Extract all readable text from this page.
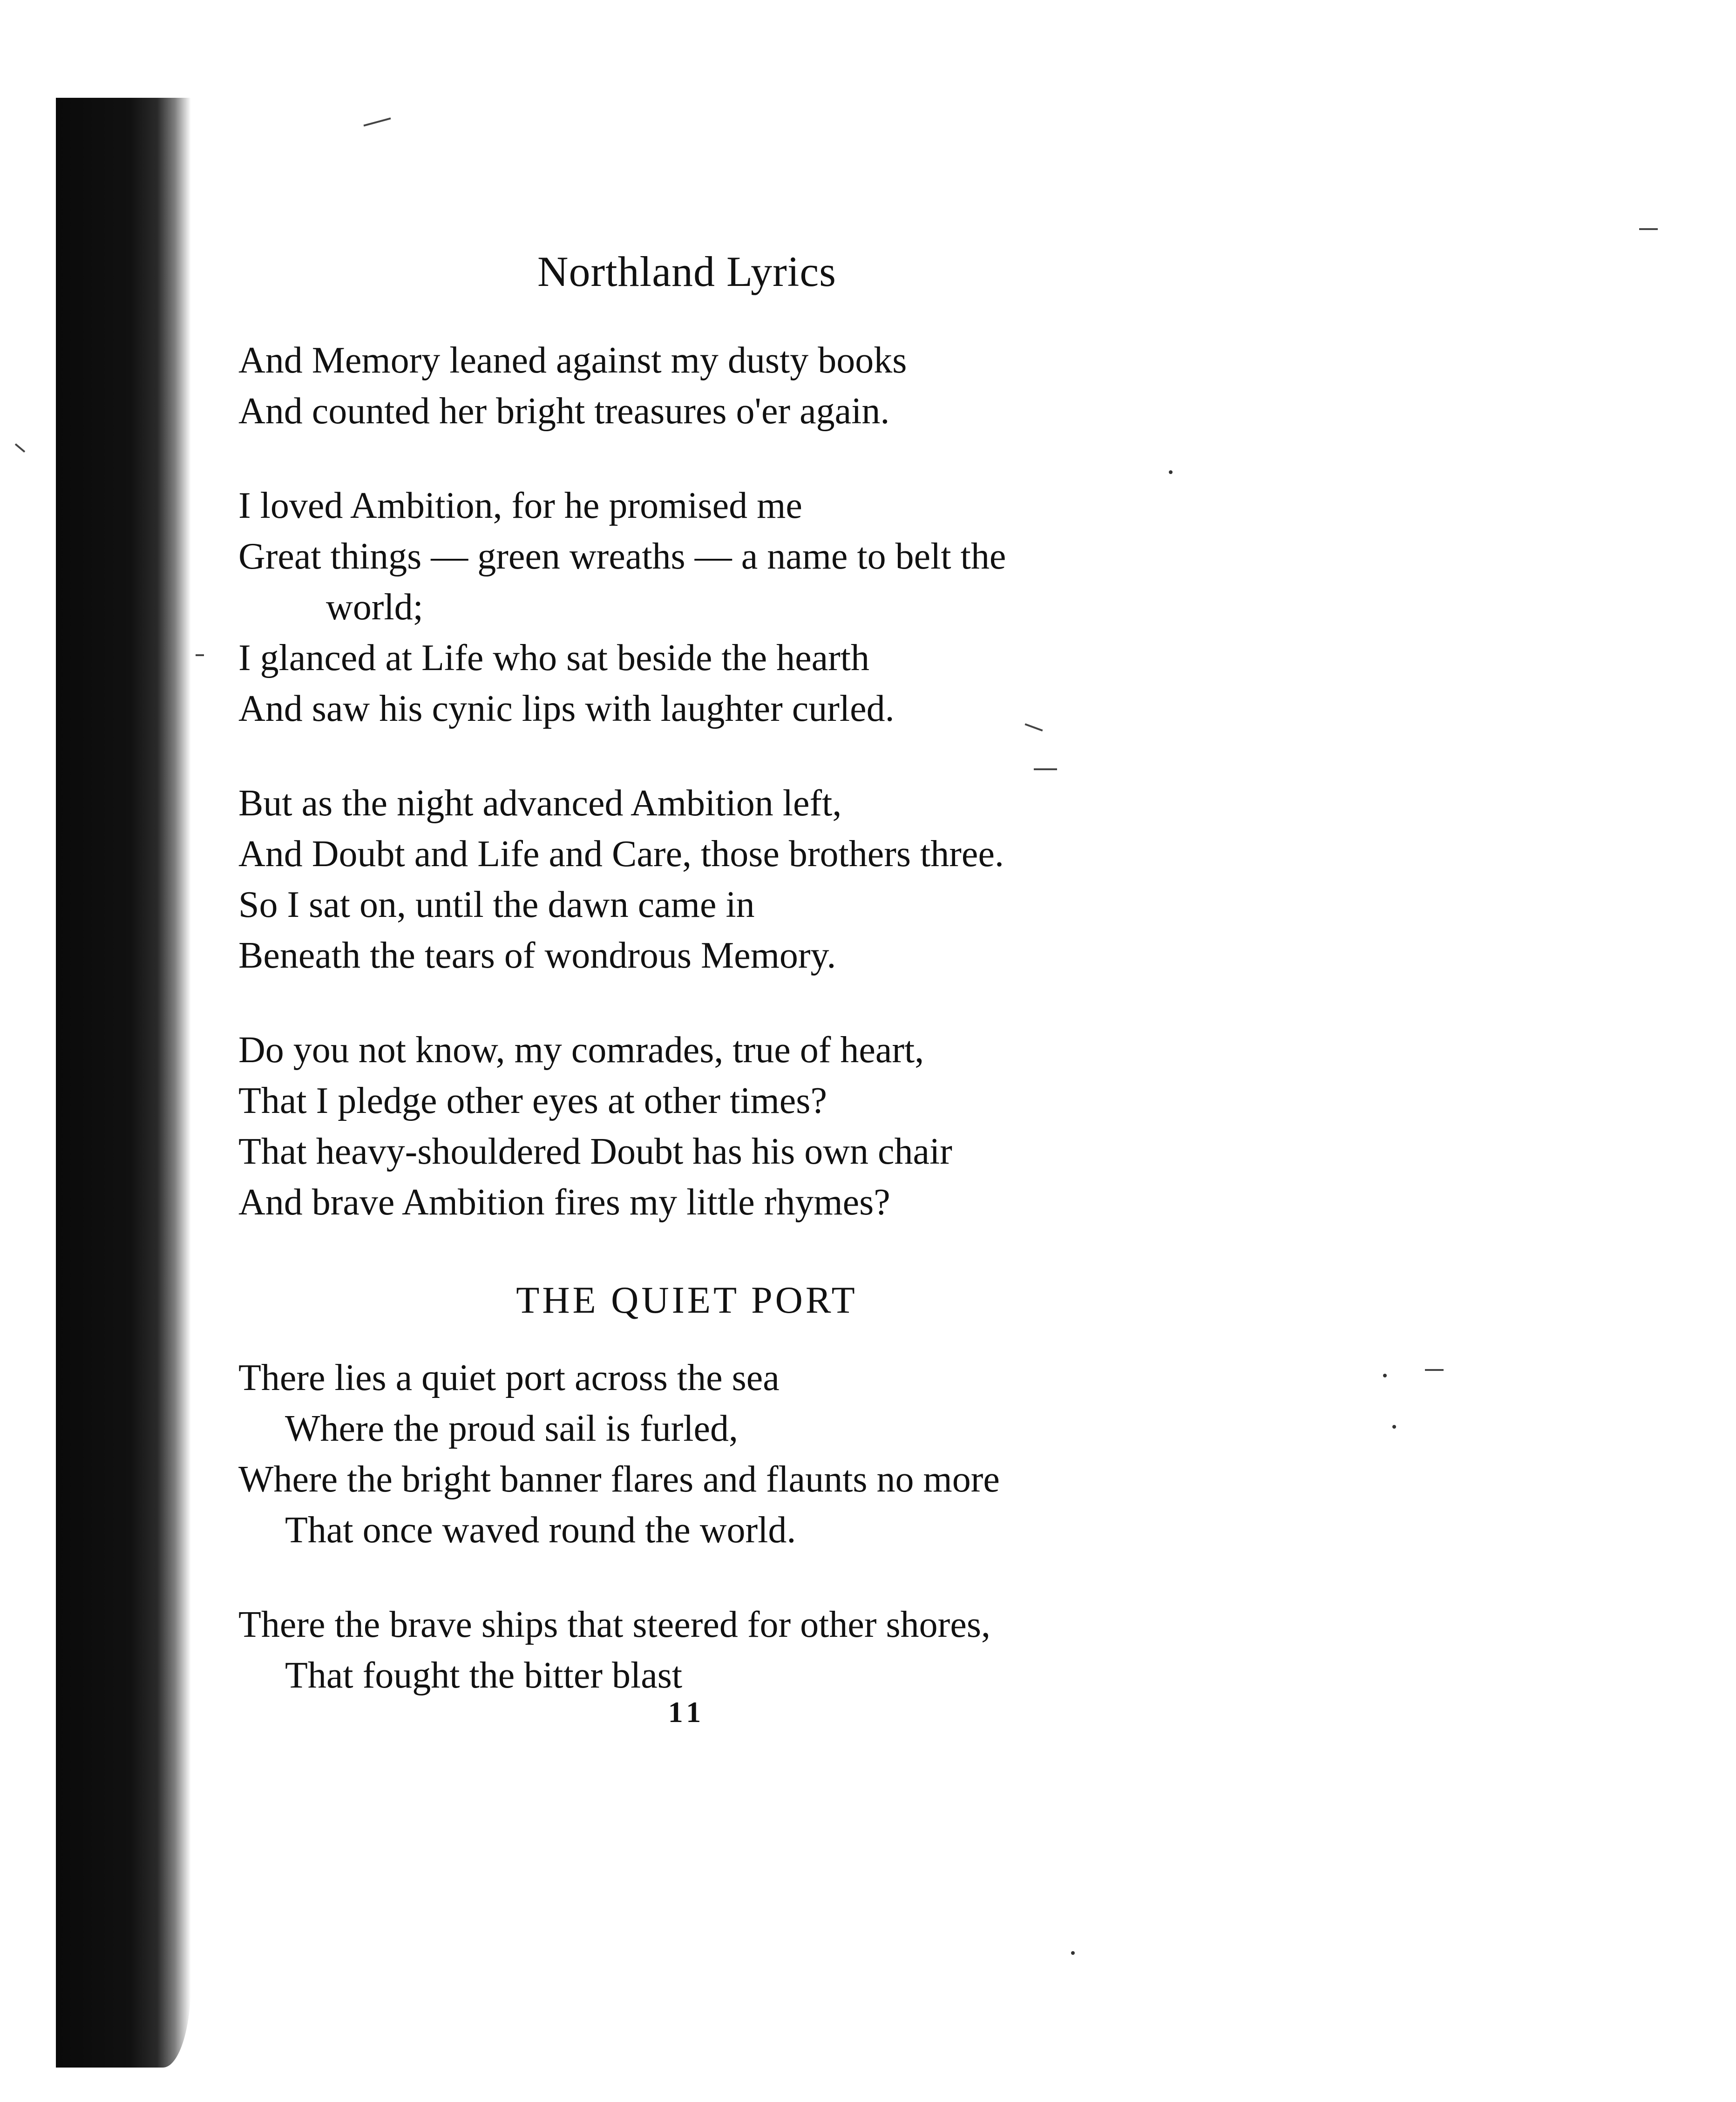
Northland Lyrics
And Memory leaned against my dusty books
And counted her bright treasures o'er again.
I loved Ambition, for he promised me
Great things — green wreaths — a name to belt the
world;
I glanced at Life who sat beside the hearth
And saw his cynic lips with laughter curled.
But as the night advanced Ambition left,
And Doubt and Life and Care, those brothers three.
So I sat on, until the dawn came in
Beneath the tears of wondrous Memory.
Do you not know, my comrades, true of heart,
That I pledge other eyes at other times?
That heavy-shouldered Doubt has his own chair
And brave Ambition fires my little rhymes?
THE QUIET PORT
There lies a quiet port across the sea
Where the proud sail is furled,
Where the bright banner flares and flaunts no more
That once waved round the world.
There the brave ships that steered for other shores,
That fought the bitter blast
11
